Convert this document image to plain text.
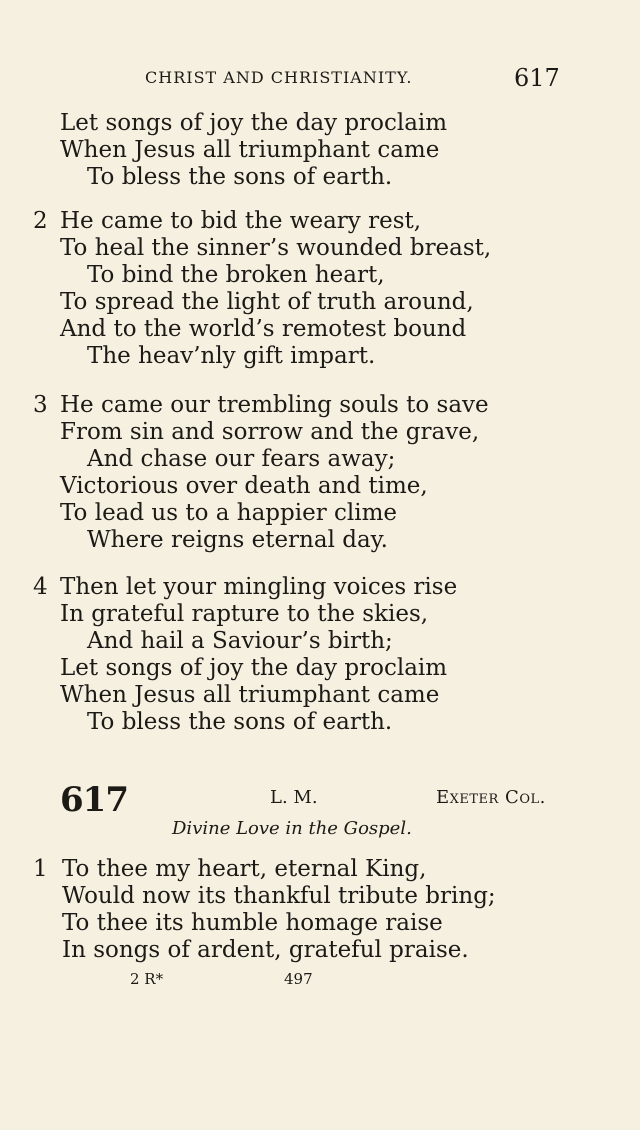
CHRIST AND CHRISTIANITY.	617
Let songs of joy the day proclaim
When Jesus all triumphant came
To bless the sons of earth.
2 He came to bid the weary rest,
To heal the sinner’s wounded breast,
To bind the broken heart,
To spread the light of truth around,
And to the world’s remotest bound
The heav’nly gift impart.
3 He came our trembling souls to save
From sin and sorrow and the grave,
And chase our fears away;
Victorious over death and time,
To lead us to a happier clime
Where reigns eternal day.
4 Then let your mingling voices rise
In grateful rapture to the skies,
And hail a Saviour’s birth;
Let songs of joy the day proclaim
When Jesus all triumphant came
To bless the sons of earth.
617	L. M.	Exeter Col.
Divine Love in the Gospel.
1 To thee my heart, eternal King,
Would now its thankful tribute bring;
To thee its humble homage raise
In songs of ardent, grateful praise.
2 R*	497
